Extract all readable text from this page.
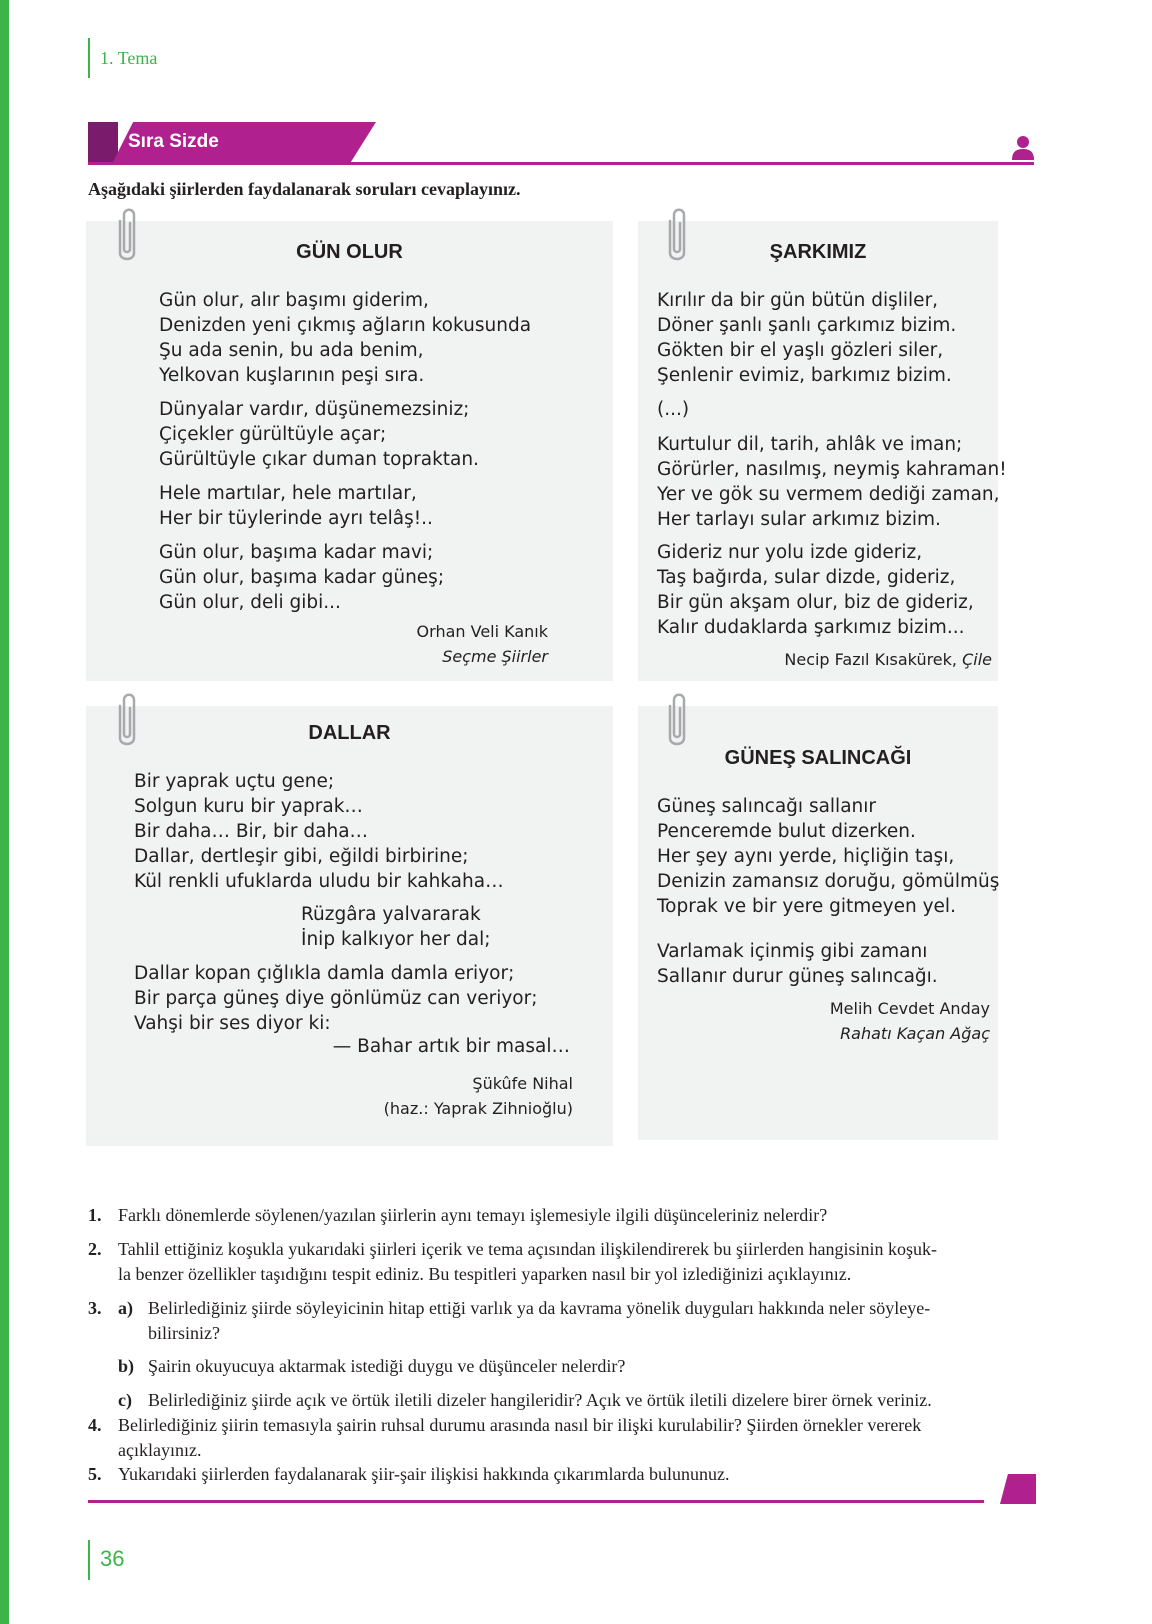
1. Tema
Sıra Sizde
Aşağıdaki şiirlerden faydalanarak soruları cevaplayınız.
GÜN OLUR
Gün olur, alır başımı giderim,
Denizden yeni çıkmış ağların kokusunda
Şu ada senin, bu ada benim,
Yelkovan kuşlarının peşi sıra.
Dünyalar vardır, düşünemezsiniz;
Çiçekler gürültüyle açar;
Gürültüyle çıkar duman topraktan.
Hele martılar, hele martılar,
Her bir tüylerinde ayrı telâş!..
Gün olur, başıma kadar mavi;
Gün olur, başıma kadar güneş;
Gün olur, deli gibi...
Orhan Veli Kanık
Seçme Şiirler
ŞARKIMIZ
Kırılır da bir gün bütün dişliler,
Döner şanlı şanlı çarkımız bizim.
Gökten bir el yaşlı gözleri siler,
Şenlenir evimiz, barkımız bizim.
(...)
Kurtulur dil, tarih, ahlâk ve iman;
Görürler, nasılmış, neymiş kahraman!
Yer ve gök su vermem dediği zaman,
Her tarlayı sular arkımız bizim.
Gideriz nur yolu izde gideriz,
Taş bağırda, sular dizde, gideriz,
Bir gün akşam olur, biz de gideriz,
Kalır dudaklarda şarkımız bizim...
Necip Fazıl Kısakürek, Çile
DALLAR
Bir yaprak uçtu gene;
Solgun kuru bir yaprak…
Bir daha… Bir, bir daha…
Dallar, dertleşir gibi, eğildi birbirine;
Kül renkli ufuklarda uludu bir kahkaha…
Rüzgâra yalvararak
İnip kalkıyor her dal;
Dallar kopan çığlıkla damla damla eriyor;
Bir parça güneş diye gönlümüz can veriyor;
Vahşi bir ses diyor ki:
— Bahar artık bir masal…
Şükûfe Nihal
(haz.: Yaprak Zihnioğlu)
GÜNEŞ SALINCAĞI
Güneş salıncağı sallanır
Penceremde bulut dizerken.
Her şey aynı yerde, hiçliğin taşı,
Denizin zamansız doruğu, gömülmüş
Toprak ve bir yere gitmeyen yel.
Varlamak içinmiş gibi zamanı
Sallanır durur güneş salıncağı.
Melih Cevdet Anday
Rahatı Kaçan Ağaç
1. Farklı dönemlerde söylenen/yazılan şiirlerin aynı temayı işlemesiyle ilgili düşünceleriniz nelerdir?
2. Tahlil ettiğiniz koşukla yukarıdaki şiirleri içerik ve tema açısından ilişkilendirerek bu şiirlerden hangisinin koşuk-
la benzer özellikler taşıdığını tespit ediniz. Bu tespitleri yaparken nasıl bir yol izlediğinizi açıklayınız.
3. a) Belirlediğiniz şiirde söyleyicinin hitap ettiği varlık ya da kavrama yönelik duyguları hakkında neler söyleye-
bilirsiniz?
b) Şairin okuyucuya aktarmak istediği duygu ve düşünceler nelerdir?
c) Belirlediğiniz şiirde açık ve örtük iletili dizeler hangileridir? Açık ve örtük iletili dizelere birer örnek veriniz.
4. Belirlediğiniz şiirin temasıyla şairin ruhsal durumu arasında nasıl bir ilişki kurulabilir? Şiirden örnekler vererek
açıklayınız.
5. Yukarıdaki şiirlerden faydalanarak şiir-şair ilişkisi hakkında çıkarımlarda bulununuz.
36
